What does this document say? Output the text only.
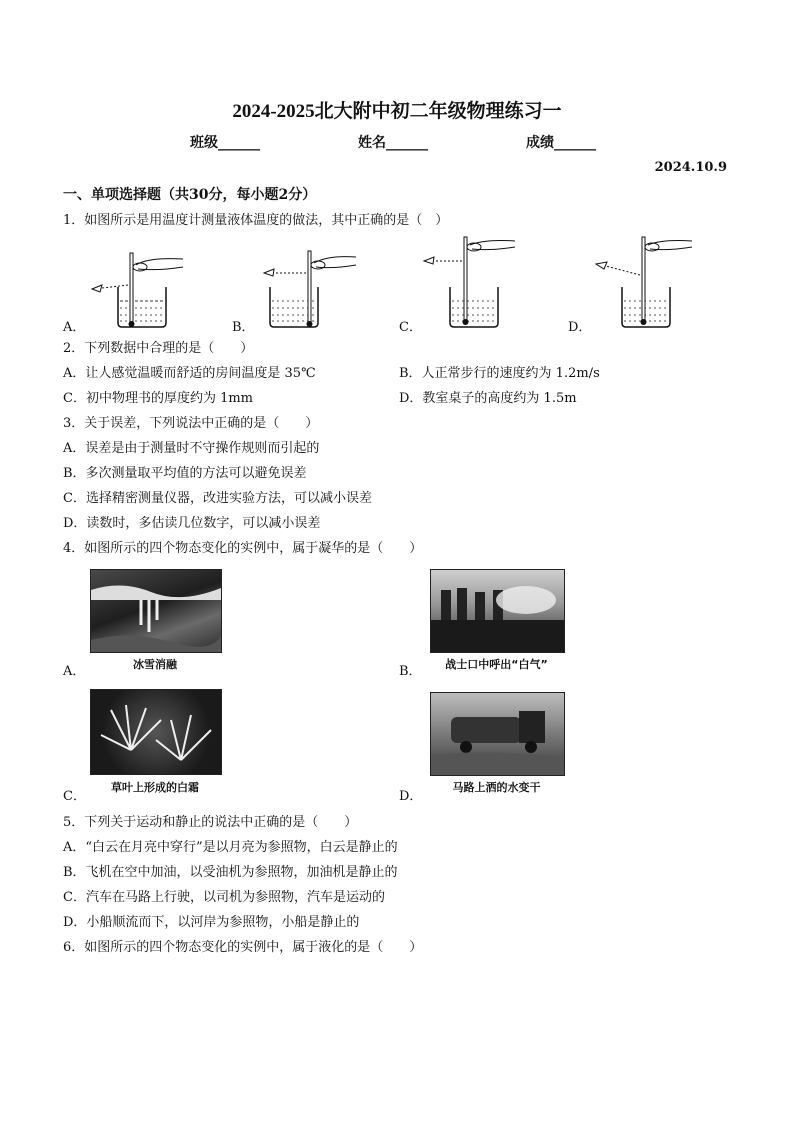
2024-2025北大附中初二年级物理练习一
班级______	姓名______	成绩______
2024.10.9
一、单项选择题（共30分，每小题2分）
1．如图所示是用温度计测量液体温度的做法，其中正确的是（　）
A．	B．	C．	D．
2．下列数据中合理的是（　　）
A．让人感觉温暖而舒适的房间温度是 35℃	B．人正常步行的速度约为 1.2m/s
C．初中物理书的厚度约为 1mm	D．教室桌子的高度约为 1.5m
3．关于误差，下列说法中正确的是（　　）
A．误差是由于测量时不守操作规则而引起的
B．多次测量取平均值的方法可以避免误差
C．选择精密测量仪器，改进实验方法，可以减小误差
D．读数时，多估读几位数字，可以减小误差
4．如图所示的四个物态变化的实例中，属于凝华的是（　　）
冰雪消融
A．	战士口中呼出“白气”
B．
草叶上形成的白霜
C．
马路上洒的水变干
D．
5．下列关于运动和静止的说法中正确的是（　　）
A．“白云在月亮中穿行”是以月亮为参照物，白云是静止的
B．飞机在空中加油，以受油机为参照物，加油机是静止的
C．汽车在马路上行驶，以司机为参照物，汽车是运动的
D．小船顺流而下，以河岸为参照物，小船是静止的
6．如图所示的四个物态变化的实例中，属于液化的是（　　）
